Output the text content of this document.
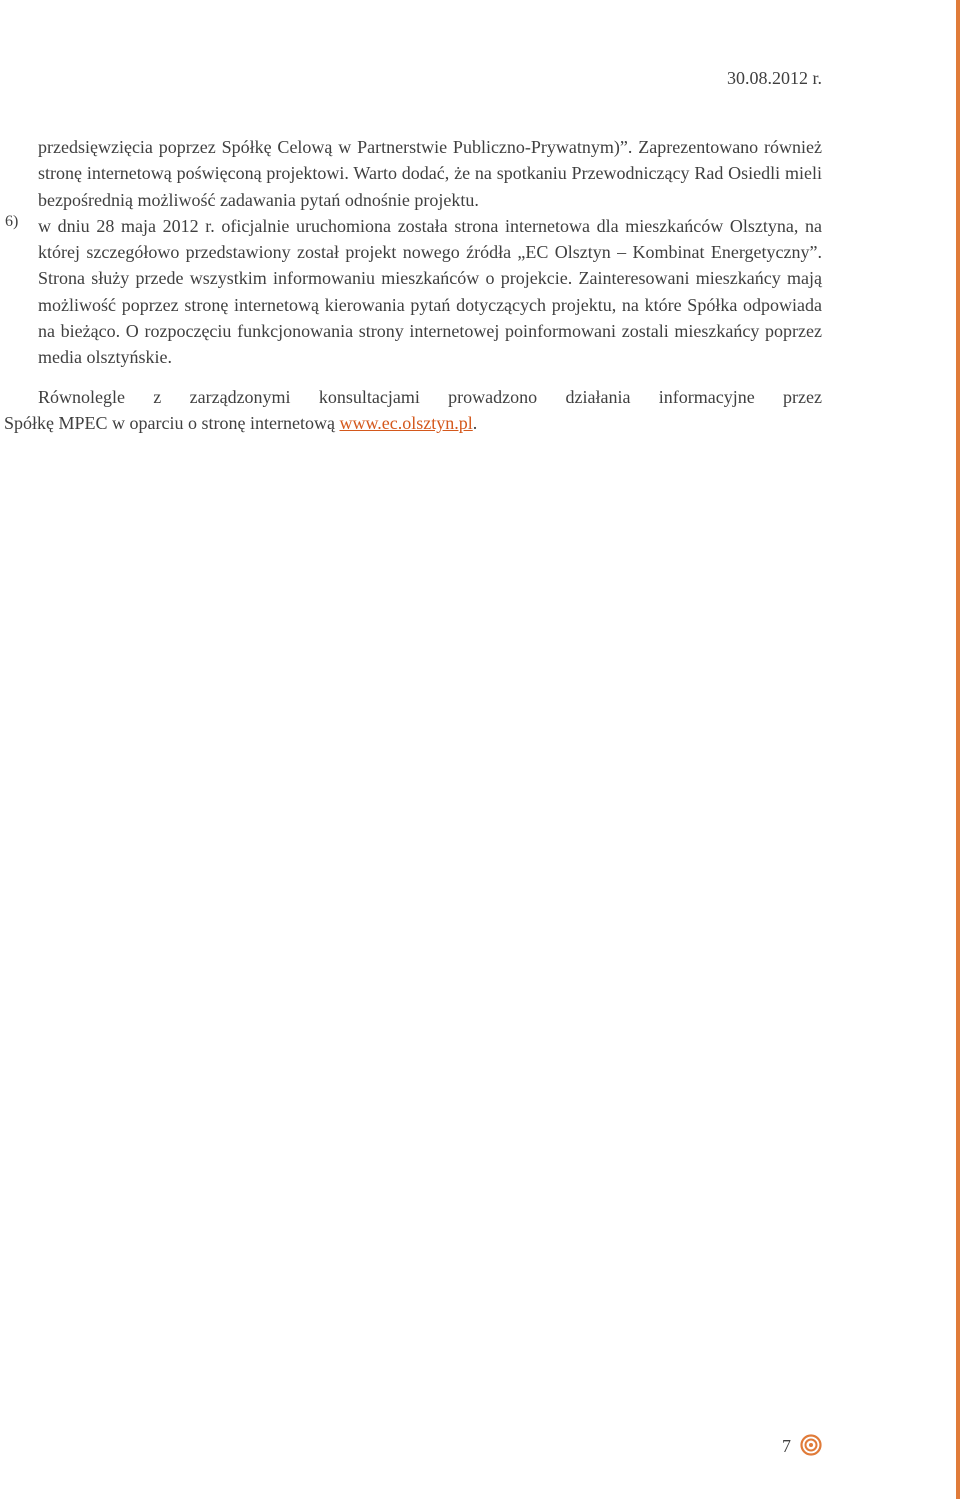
30.08.2012 r.

przedsięwzięcia poprzez Spółkę Celową w Partnerstwie Publiczno-Prywatnym)”. Zaprezentowano również stronę internetową poświęconą projektowi. Warto dodać, że na spotkaniu Przewodniczący Rad Osiedli mieli bezpośrednią możliwość zadawania pytań odnośnie projektu.

6) w dniu 28 maja 2012 r. oficjalnie uruchomiona została strona internetowa dla mieszkańców Olsztyna, na której szczegółowo przedstawiony został projekt nowego źródła „EC Olsztyn – Kombinat Energetyczny”. Strona służy przede wszystkim informowaniu mieszkańców o projekcie. Zainteresowani mieszkańcy mają możliwość poprzez stronę internetową kierowania pytań dotyczących projektu, na które Spółka odpowiada na bieżąco. O rozpoczęciu funkcjonowania strony internetowej poinformowani zostali mieszkańcy poprzez media olsztyńskie.

Równolegle z zarządzonymi konsultacjami prowadzono działania informacyjne przez
Spółkę MPEC w oparciu o stronę internetową www.ec.olsztyn.pl.
7
